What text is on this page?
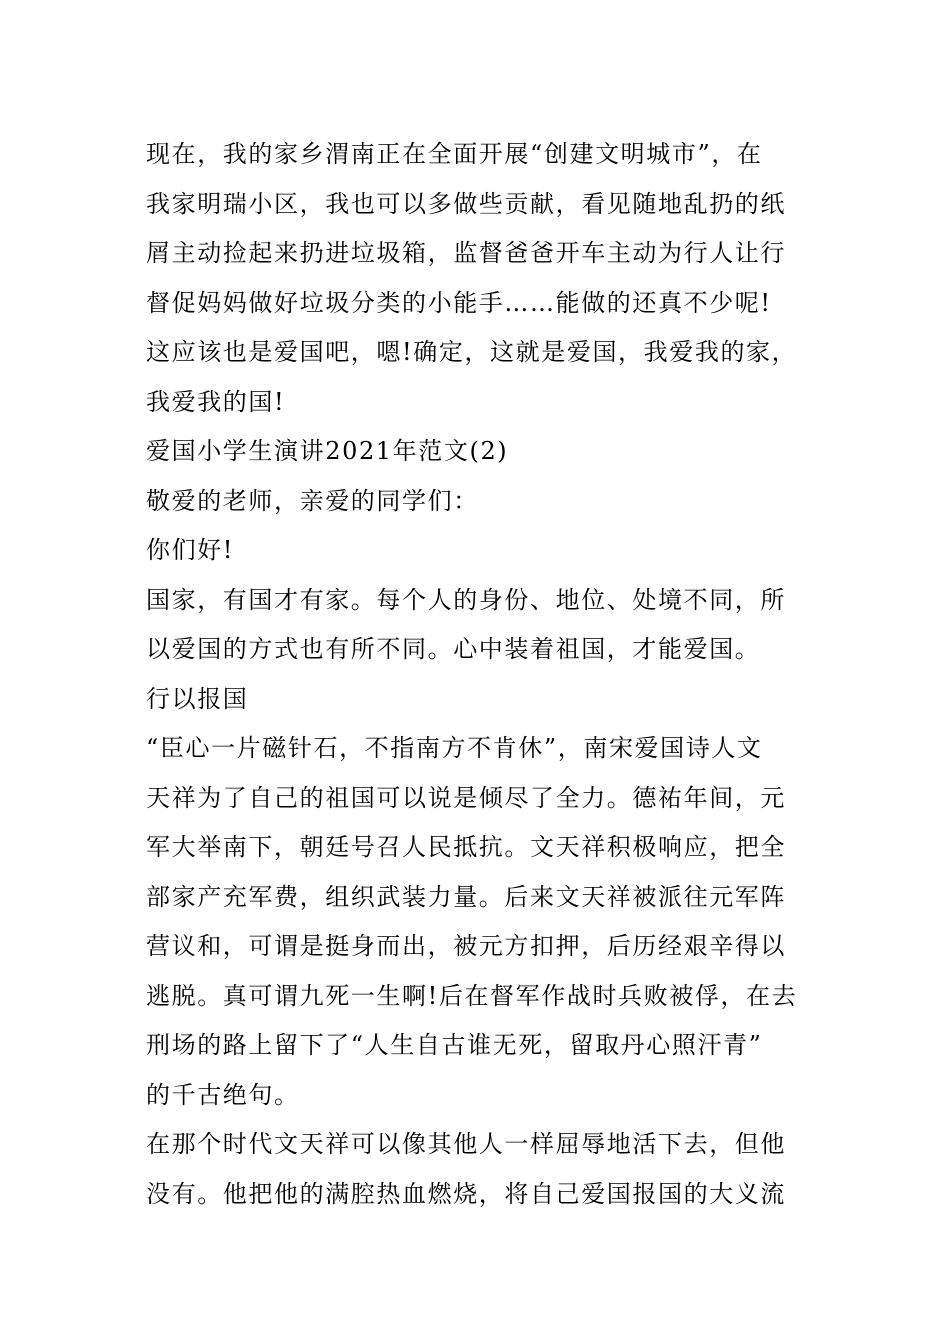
现在，我的家乡渭南正在全面开展“创建文明城市”，在
我家明瑞小区，我也可以多做些贡献，看见随地乱扔的纸
屑主动捡起来扔进垃圾箱，监督爸爸开车主动为行人让行
督促妈妈做好垃圾分类的小能手……能做的还真不少呢!
这应该也是爱国吧，嗯!确定，这就是爱国，我爱我的家，
我爱我的国!
爱国小学生演讲2021年范文(2)
敬爱的老师，亲爱的同学们：
你们好!
国家，有国才有家。每个人的身份、地位、处境不同，所
以爱国的方式也有所不同。心中装着祖国，才能爱国。
行以报国
“臣心一片磁针石，不指南方不肯休”，南宋爱国诗人文
天祥为了自己的祖国可以说是倾尽了全力。德祐年间，元
军大举南下，朝廷号召人民抵抗。文天祥积极响应，把全
部家产充军费，组织武装力量。后来文天祥被派往元军阵
营议和，可谓是挺身而出，被元方扣押，后历经艰辛得以
逃脱。真可谓九死一生啊!后在督军作战时兵败被俘，在去
刑场的路上留下了“人生自古谁无死，留取丹心照汗青”
的千古绝句。
在那个时代文天祥可以像其他人一样屈辱地活下去，但他
没有。他把他的满腔热血燃烧，将自己爱国报国的大义流
